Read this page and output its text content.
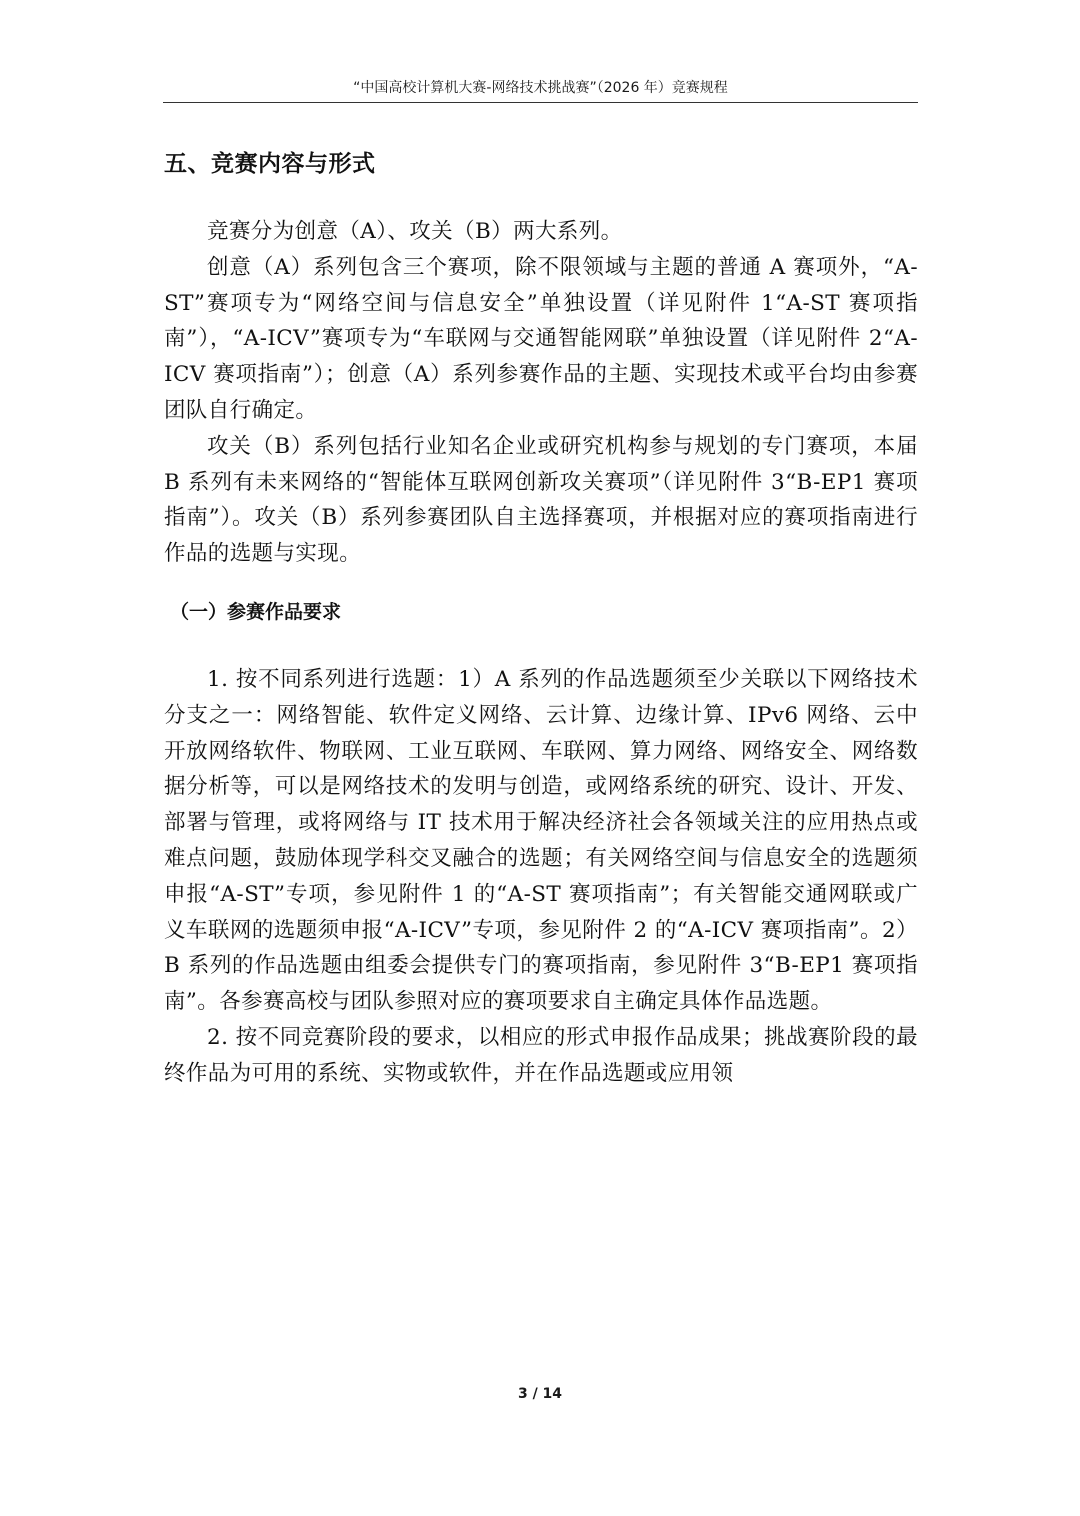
“中国高校计算机大赛-网络技术挑战赛”（2026 年）竞赛规程
五、竞赛内容与形式

竞赛分为创意（A）、攻关（B）两大系列。

创意（A）系列包含三个赛项，除不限领域与主题的普通 A 赛项外，“A-ST”赛项专为“网络空间与信息安全”单独设置（详见附件 1“A-ST 赛项指南”），“A-ICV”赛项专为“车联网与交通智能网联”单独设置（详见附件 2“A-ICV 赛项指南”）；创意（A）系列参赛作品的主题、实现技术或平台均由参赛团队自行确定。

攻关（B）系列包括行业知名企业或研究机构参与规划的专门赛项，本届 B 系列有未来网络的“智能体互联网创新攻关赛项”（详见附件 3“B-EP1 赛项指南”）。攻关（B）系列参赛团队自主选择赛项，并根据对应的赛项指南进行作品的选题与实现。

（一）参赛作品要求

1. 按不同系列进行选题：1）A 系列的作品选题须至少关联以下网络技术分支之一：网络智能、软件定义网络、云计算、边缘计算、IPv6 网络、云中开放网络软件、物联网、工业互联网、车联网、算力网络、网络安全、网络数据分析等，可以是网络技术的发明与创造，或网络系统的研究、设计、开发、部署与管理，或将网络与 IT 技术用于解决经济社会各领域关注的应用热点或难点问题，鼓励体现学科交叉融合的选题；有关网络空间与信息安全的选题须申报“A-ST”专项，参见附件 1 的“A-ST 赛项指南”；有关智能交通网联或广义车联网的选题须申报“A-ICV”专项，参见附件 2 的“A-ICV 赛项指南”。2）B 系列的作品选题由组委会提供专门的赛项指南，参见附件 3“B-EP1 赛项指南”。各参赛高校与团队参照对应的赛项要求自主确定具体作品选题。

2. 按不同竞赛阶段的要求，以相应的形式申报作品成果；挑战赛阶段的最终作品为可用的系统、实物或软件，并在作品选题或应用领

3 / 14
